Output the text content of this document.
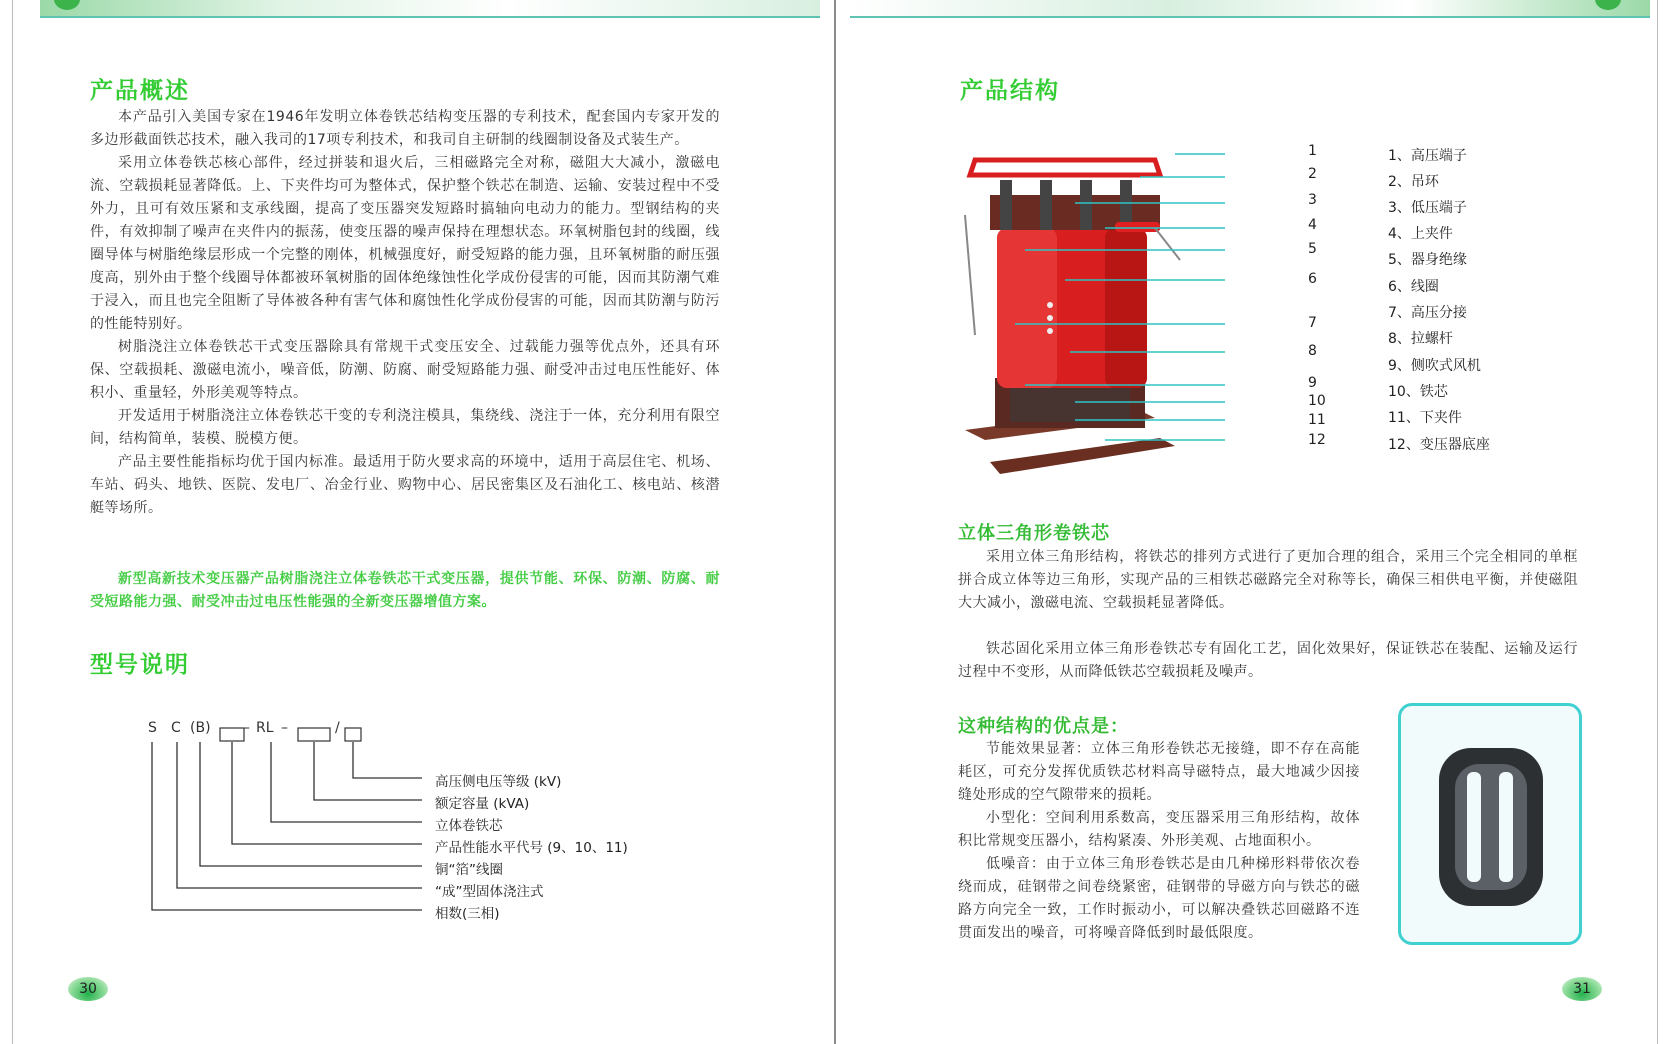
产品概述

本产品引入美国专家在1946年发明立体卷铁芯结构变压器的专利技术，配套国内专家开发的多边形截面铁芯技术，融入我司的17项专利技术，和我司自主研制的线圈制设备及式装生产。

采用立体卷铁芯核心部件，经过拼装和退火后，三相磁路完全对称，磁阻大大减小，激磁电流、空载损耗显著降低。上、下夹件均可为整体式，保护整个铁芯在制造、运输、安装过程中不受外力，且可有效压紧和支承线圈，提高了变压器突发短路时搞轴向电动力的能力。型钢结构的夹件，有效抑制了噪声在夹件内的振荡，使变压器的噪声保持在理想状态。环氧树脂包封的线圈，线圈导体与树脂绝缘层形成一个完整的刚体，机械强度好，耐受短路的能力强，且环氧树脂的耐压强度高，别外由于整个线圈导体都被环氧树脂的固体绝缘蚀性化学成份侵害的可能，因而其防潮气难于浸入，而且也完全阻断了导体被各种有害气体和腐蚀性化学成份侵害的可能，因而其防潮与防污的性能特别好。

树脂浇注立体卷铁芯干式变压器除具有常规干式变压安全、过载能力强等优点外，还具有环保、空载损耗、激磁电流小，噪音低，防潮、防腐、耐受短路能力强、耐受冲击过电压性能好、体积小、重量轻，外形美观等特点。

开发适用于树脂浇注立体卷铁芯干变的专利浇注模具，集绕线、浇注于一体，充分利用有限空间，结构简单，装模、脱模方便。

产品主要性能指标均优于国内标准。最适用于防火要求高的环境中，适用于高层住宅、机场、车站、码头、地铁、医院、发电厂、冶金行业、购物中心、居民密集区及石油化工、核电站、核潜艇等场所。

新型高新技术变压器产品树脂浇注立体卷铁芯干式变压器，提供节能、环保、防潮、防腐、耐受短路能力强、耐受冲击过电压性能强的全新变压器增值方案。

型号说明
S C (B) – RL –	/
高压侧电压等级 (kV)
额定容量 (kVA)
立体卷铁芯
产品性能水平代号 (9、10、11)
铜“箔”线圈
“成”型固体浇注式
相数(三相)
30
产品结构
1
2
3
4
5
6
7
8
9
10
11
12
1、高压端子
2、吊环
3、低压端子
4、上夹件
5、器身绝缘
6、线圈
7、高压分接
8、拉螺杆
9、侧吹式风机
10、铁芯
11、下夹件
12、变压器底座
立体三角形卷铁芯

采用立体三角形结构，将铁芯的排列方式进行了更加合理的组合，采用三个完全相同的单框拼合成立体等边三角形，实现产品的三相铁芯磁路完全对称等长，确保三相供电平衡，并使磁阻大大减小，激磁电流、空载损耗显著降低。

铁芯固化采用立体三角形卷铁芯专有固化工艺，固化效果好，保证铁芯在装配、运输及运行过程中不变形，从而降低铁芯空载损耗及噪声。

这种结构的优点是：

节能效果显著：立体三角形卷铁芯无接缝，即不存在高能耗区，可充分发挥优质铁芯材料高导磁特点，最大地减少因接缝处形成的空气隙带来的损耗。

小型化：空间利用系数高，变压器采用三角形结构，故体积比常规变压器小，结构紧凑、外形美观、占地面积小。

低噪音：由于立体三角形卷铁芯是由几种梯形料带依次卷绕而成，硅钢带之间卷绕紧密，硅钢带的导磁方向与铁芯的磁路方向完全一致，工作时振动小，可以解决叠铁芯回磁路不连贯面发出的噪音，可将噪音降低到时最低限度。

31
